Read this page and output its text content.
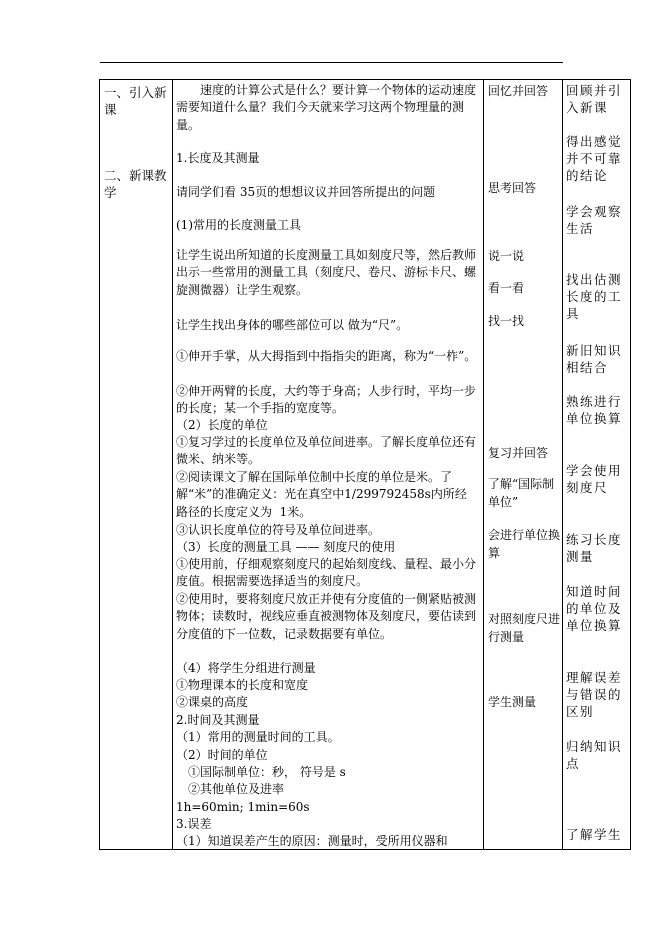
一、引入新课

二、新课教学

速度的计算公式是什么？要计算一个物体的运动速度需要知道什么量？我们今天就来学习这两个物理量的测量。

1.长度及其测量

请同学们看 35页的想想议议并回答所提出的问题

(1)常用的长度测量工具

让学生说出所知道的长度测量工具如刻度尺等，然后教师出示一些常用的测量工具（刻度尺、卷尺、游标卡尺、螺旋测微器）让学生观察。

让学生找出身体的哪些部位可以 做为“尺”。

①伸开手掌，从大拇指到中指指尖的距离，称为“一柞”。

②伸开两臂的长度，大约等于身高；人步行时，平均一步的长度；某一个手指的宽度等。

（2）长度的单位

①复习学过的长度单位及单位间进率。了解长度单位还有微米、纳米等。

②阅读课文了解在国际单位制中长度的单位是米。了解“米”的准确定义：光在真空中1/299792458s内所经路径的长度定义为  1米。

③认识长度单位的符号及单位间进率。

（3）长度的测量工具 —— 刻度尺的使用

①使用前，仔细观察刻度尺的起始刻度线、量程、最小分度值。根据需要选择适当的刻度尺。

②使用时，要将刻度尺放正并使有分度值的一侧紧贴被测物体；读数时，视线应垂直被测物体及刻度尺，要估读到分度值的下一位数，记录数据要有单位。

（4）将学生分组进行测量

①物理课本的长度和宽度

②课桌的高度

2.时间及其测量

（1）常用的测量时间的工具。

（2）时间的单位

①国际制单位：秒， 符号是 s

②其他单位及进率

1h=60min; 1min=60s

3.误差

（1）知道误差产生的原因：测量时，受所用仪器和

回忆并回答

思考回答

说一说

看一看

找一找

复习并回答

了解“国际制单位”

会进行单位换算

对照刻度尺进行测量

学生测量

回顾并引入新课

得出感觉并不可靠的结论

学会观察生活

找出估测长度的工具

新旧知识相结合

熟练进行单位换算

学会使用刻度尺

练习长度测量

知道时间的单位及单位换算

理解误差与错误的区别

归纳知识点

了解学生
